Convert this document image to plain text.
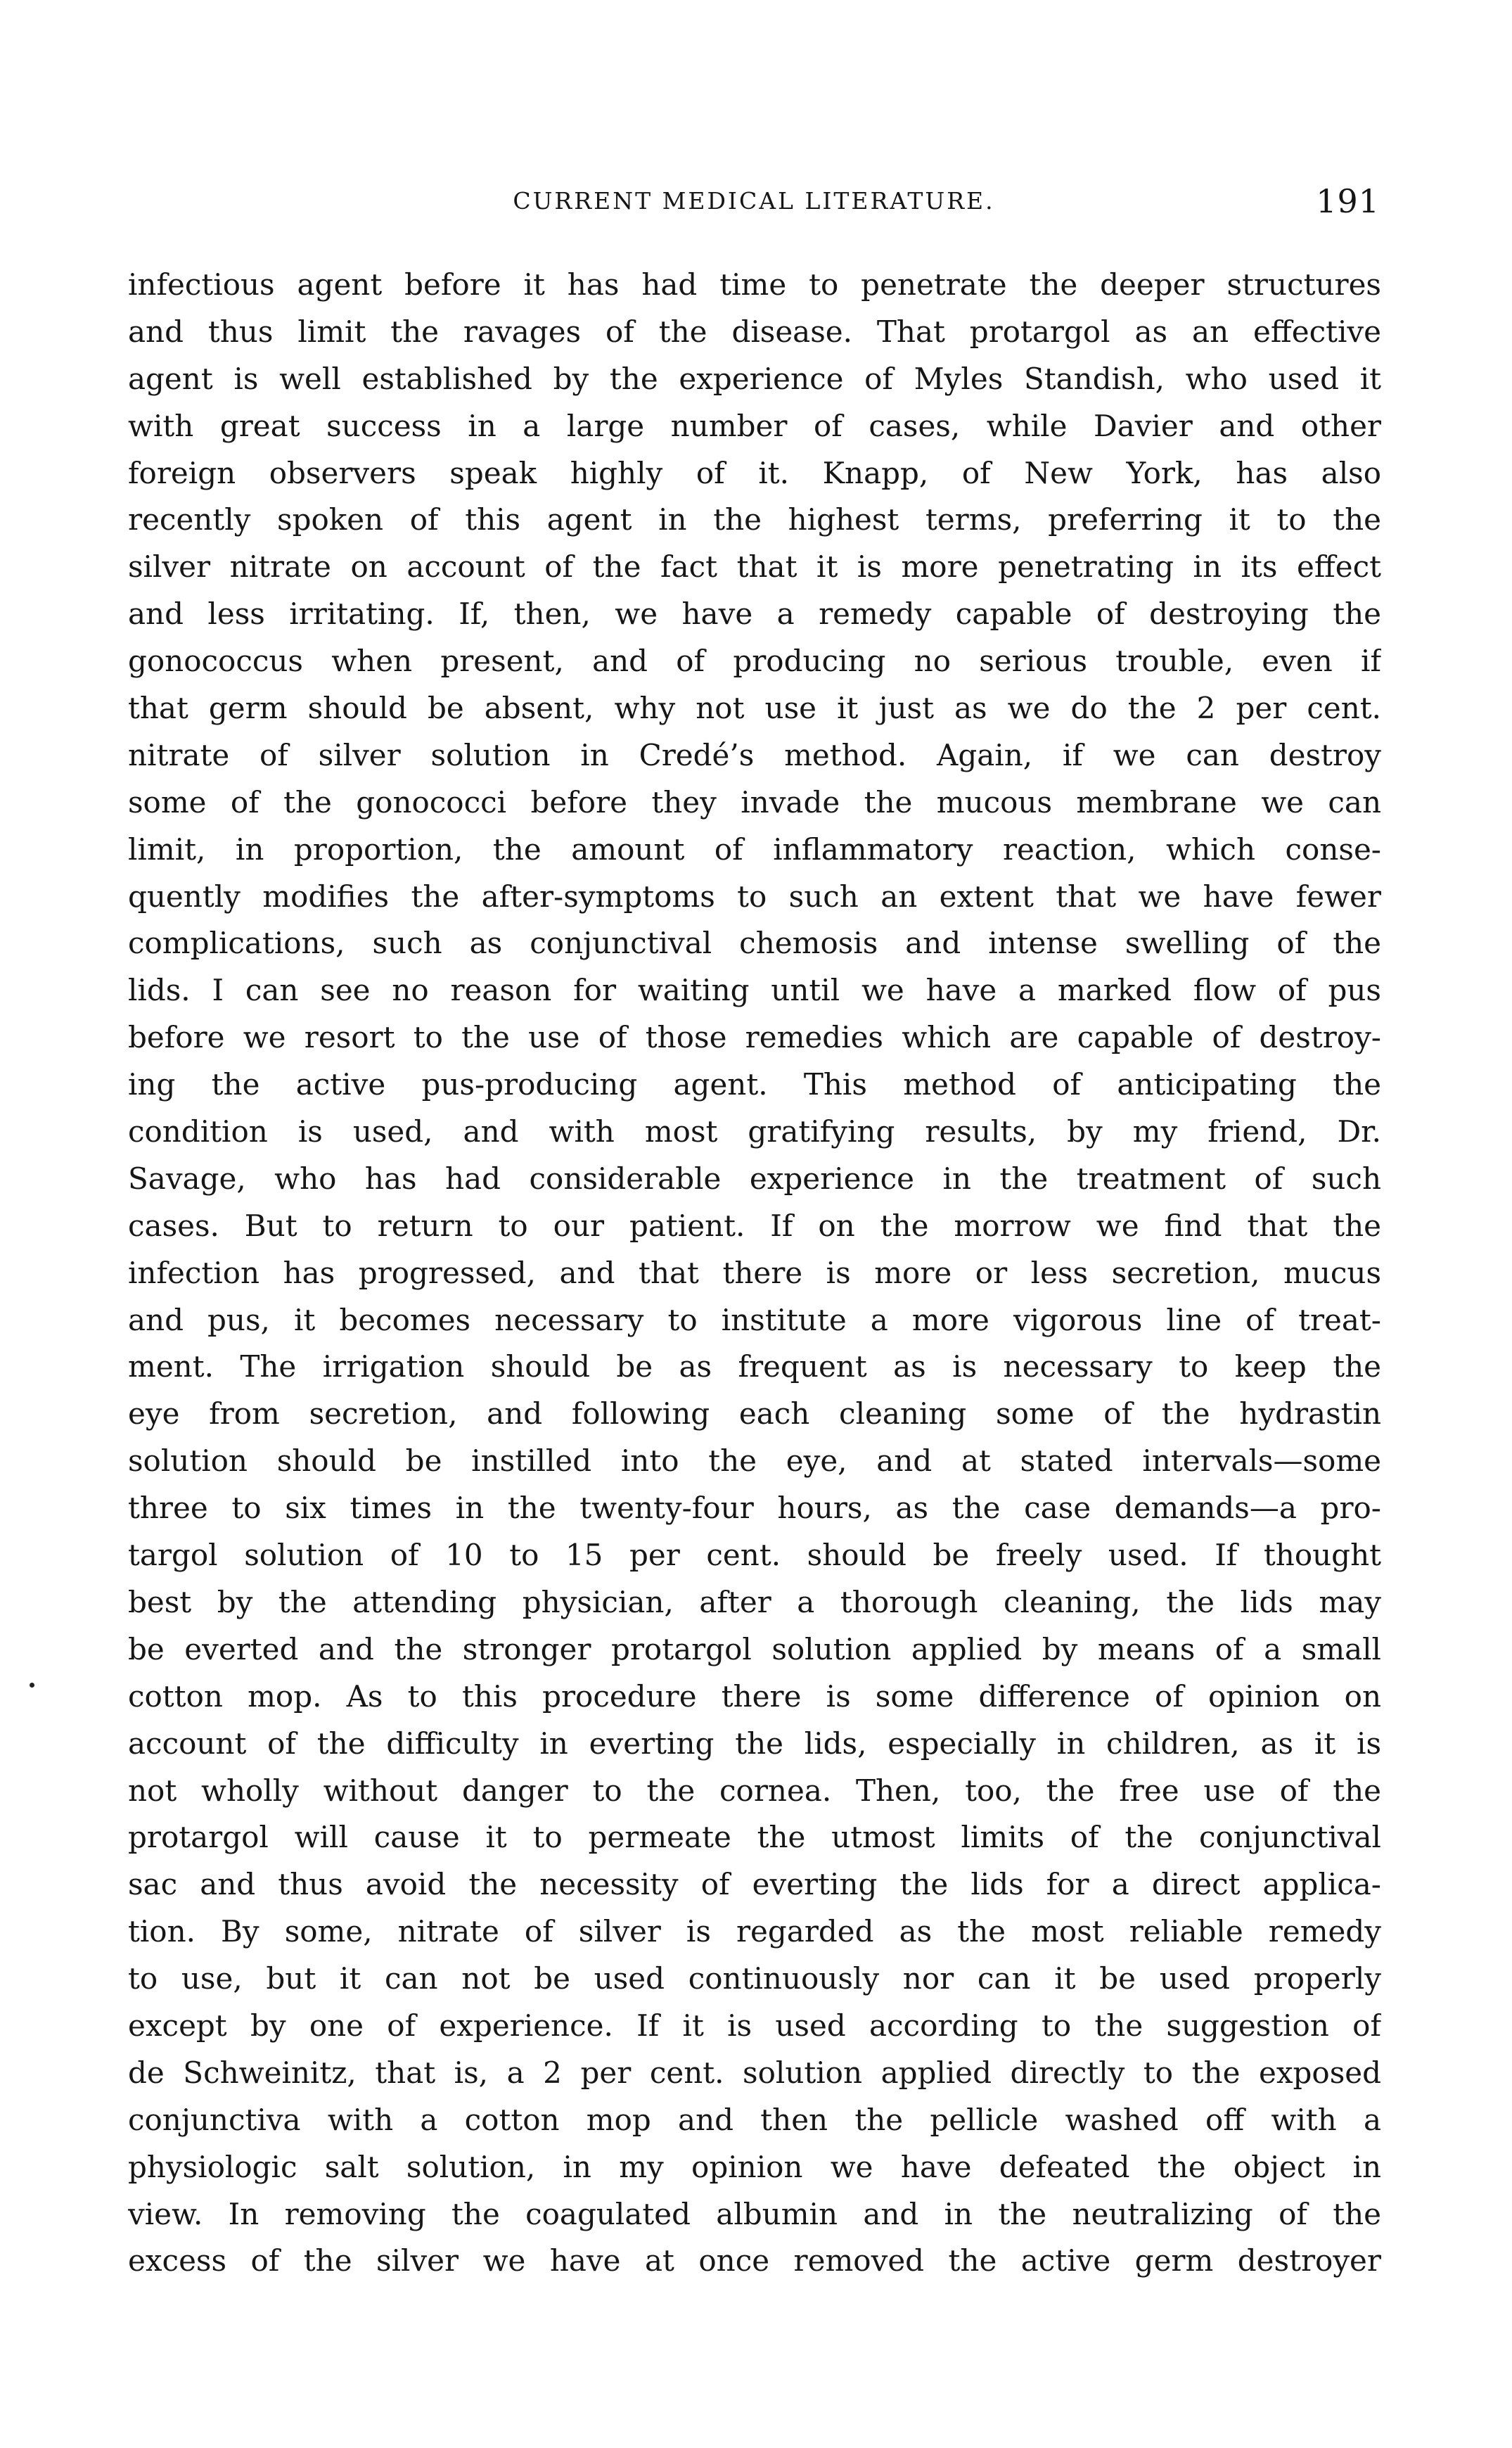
CURRENT MEDICAL LITERATURE.	191
infectious agent before it has had time to penetrate the deeper structures
and thus limit the ravages of the disease. That protargol as an effective
agent is well established by the experience of Myles Standish, who used it
with great success in a large number of cases, while Davier and other
foreign observers speak highly of it. Knapp, of New York, has also
recently spoken of this agent in the highest terms, preferring it to the
silver nitrate on account of the fact that it is more penetrating in its effect
and less irritating. If, then, we have a remedy capable of destroying the
gonococcus when present, and of producing no serious trouble, even if
that germ should be absent, why not use it just as we do the 2 per cent.
nitrate of silver solution in Credé’s method. Again, if we can destroy
some of the gonococci before they invade the mucous membrane we can
limit, in proportion, the amount of inflammatory reaction, which conse-
quently modifies the after-symptoms to such an extent that we have fewer
complications, such as conjunctival chemosis and intense swelling of the
lids. I can see no reason for waiting until we have a marked flow of pus
before we resort to the use of those remedies which are capable of destroy-
ing the active pus-producing agent. This method of anticipating the
condition is used, and with most gratifying results, by my friend, Dr.
Savage, who has had considerable experience in the treatment of such
cases. But to return to our patient. If on the morrow we find that the
infection has progressed, and that there is more or less secretion, mucus
and pus, it becomes necessary to institute a more vigorous line of treat-
ment. The irrigation should be as frequent as is necessary to keep the
eye from secretion, and following each cleaning some of the hydrastin
solution should be instilled into the eye, and at stated intervals—some
three to six times in the twenty-four hours, as the case demands—a pro-
targol solution of 10 to 15 per cent. should be freely used. If thought
best by the attending physician, after a thorough cleaning, the lids may
be everted and the stronger protargol solution applied by means of a small
cotton mop. As to this procedure there is some difference of opinion on
account of the difficulty in everting the lids, especially in children, as it is
not wholly without danger to the cornea. Then, too, the free use of the
protargol will cause it to permeate the utmost limits of the conjunctival
sac and thus avoid the necessity of everting the lids for a direct applica-
tion. By some, nitrate of silver is regarded as the most reliable remedy
to use, but it can not be used continuously nor can it be used properly
except by one of experience. If it is used according to the suggestion of
de Schweinitz, that is, a 2 per cent. solution applied directly to the exposed
conjunctiva with a cotton mop and then the pellicle washed off with a
physiologic salt solution, in my opinion we have defeated the object in
view. In removing the coagulated albumin and in the neutralizing of the
excess of the silver we have at once removed the active germ destroyer
